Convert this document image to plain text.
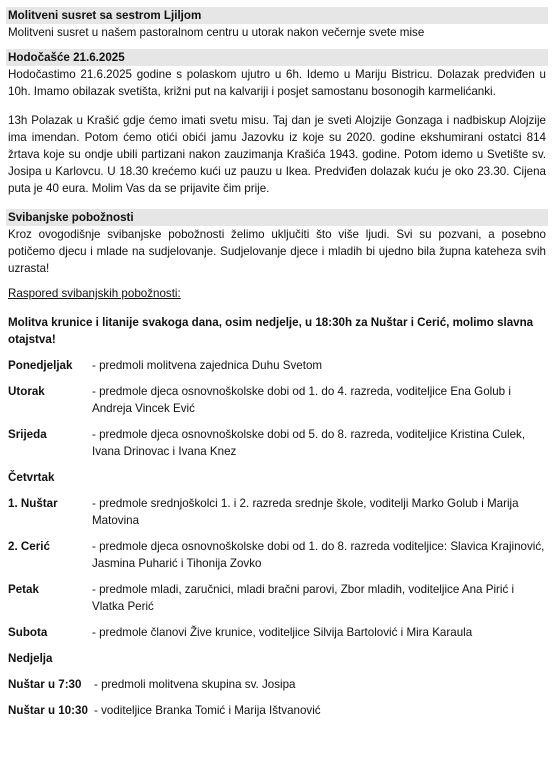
Molitveni susret sa sestrom Ljiljom

Molitveni susret u našem pastoralnom centru u utorak nakon večernje svete mise

Hodočašće 21.6.2025

Hodočastimo 21.6.2025 godine s polaskom ujutro u 6h. Idemo u Mariju Bistricu. Dolazak predviđen u 10h. Imamo obilazak svetišta, križni put na kalvariji i posjet samostanu bosonogih karmelićanki.

13h Polazak u Krašić gdje ćemo imati svetu misu. Taj dan je sveti Alojzije Gonzaga i nadbiskup Alojzije ima imendan. Potom ćemo otići obići jamu Jazovku iz koje su 2020. godine ekshumirani ostatci 814 žrtava koje su ondje ubili partizani nakon zauzimanja Krašića 1943. godine. Potom idemo u Svetište sv. Josipa u Karlovcu. U 18.30 krećemo kući uz pauzu u Ikea. Predviđen dolazak kuću je oko 23.30. Cijena puta je 40 eura. Molim Vas da se prijavite čim prije.

Svibanjske pobožnosti

Kroz ovogodišnje svibanjske pobožnosti želimo uključiti što više ljudi. Svi su pozvani, a posebno potičemo djecu i mlade na sudjelovanje. Sudjelovanje djece i mladih bi ujedno bila župna kateheza svih uzrasta!

Raspored svibanjskih pobožnosti:
Molitva krunice i litanije svakoga dana, osim nedjelje, u 18:30h za Nuštar i Cerić, molimo slavna otajstva!
Ponedjeljak	- predmoli molitvena zajednica Duhu Svetom
Utorak	- predmole djeca osnovnoškolske dobi od 1. do 4. razreda, voditeljice Ena Golub i Andreja Vincek Ević
Srijeda	- predmole djeca osnovnoškolske dobi od 5. do 8. razreda, voditeljice Kristina Culek, Ivana Drinovac i Ivana Knez
Četvrtak
1. Nuštar	- predmole srednjoškolci 1. i 2. razreda srednje škole, voditelji Marko Golub i Marija Matovina
2. Cerić	- predmole djeca osnovnoškolske dobi od 1. do 8. razreda voditeljice: Slavica Krajinović, Jasmina Puharić i Tihonija Zovko
Petak	- predmole mladi, zaručnici, mladi bračni parovi, Zbor mladih, voditeljice Ana Pirić i Vlatka Perić
Subota	- predmole članovi Žive krunice, voditeljice Silvija Bartolović i Mira Karaula
Nedjelja
Nuštar u 7:30	- predmoli molitvena skupina sv. Josipa
Nuštar u 10:30 - voditeljice Branka Tomić i Marija Ištvanović
